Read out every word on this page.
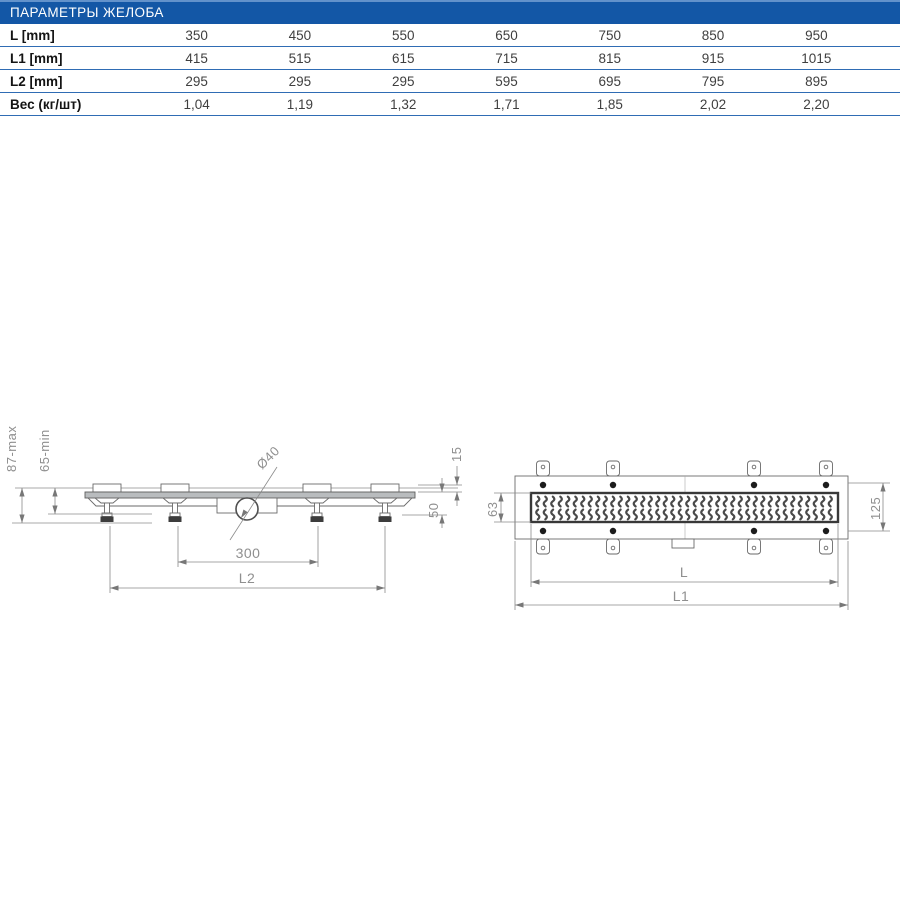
ПАРАМЕТРЫ ЖЕЛОБА
L [mm]	350	450	550	650	750	850	950
L1 [mm]	415	515	615	715	815	915	1015
L2 [mm]	295	295	295	595	695	795	895
Вес (кг/шт)	1,04	1,19	1,32	1,71	1,85	2,02	2,20
87-max 65-min	15
50
Ø40
300
L2
63	125
L
L1
